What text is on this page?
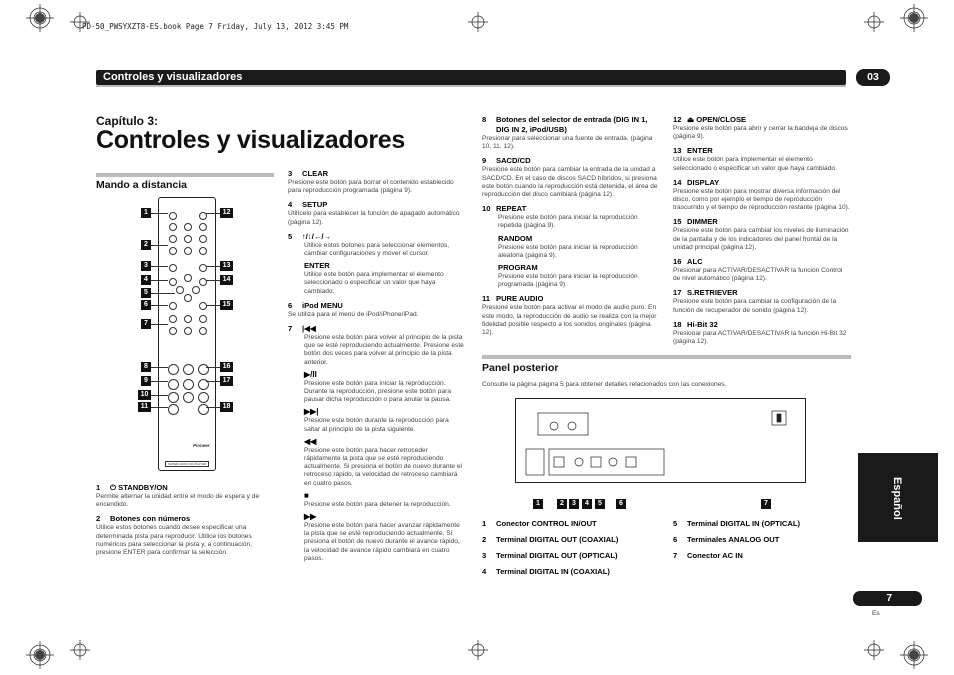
PD-50_PWSYXZT8-ES.book Page 7 Friday, July 13, 2012 3:45 PM
Controles y visualizadores	03
Capítulo 3:
Controles y visualizadores
Mando a distancia
Pioneer
SUPER AUDIO CD PLAYER
1
2
3
4
5
6
7
8
9
10
11
12
13
14
15
16
17
18
1 ⏻ STANDBY/ON
Permite alternar la unidad entre el modo de espera y de encendido.
2 Botones con números
Utilice estos botones cuando desee especificar una determinada pista para reproducir. Utilice los botones numéricos para seleccionar la pista y, a continuación, presione ENTER para confirmar la selección.
3 CLEAR
Presione este botón para borrar el contenido establecido para reproducción programada (página 9).
4 SETUP
Utilícelo para establecer la función de apagado automático (página 12).
5 ↑/↓/←/→
Utilice estos botones para seleccionar elementos, cambiar configuraciones y mover el cursor.
ENTER
Utilice este botón para implementar el elemento seleccionado o especificar un valor que haya cambiado.
6 iPod MENU
Se utiliza para el menú de iPod/iPhone/iPad.
7 |◀◀
Presione este botón para volver al principio de la pista que se esté reproduciendo actualmente. Presione este botón dos veces para volver al principio de la pista anterior.
▶/II
Presione este botón para iniciar la reproducción. Durante la reproducción, presione este botón para pausar dicha reproducción o para anular la pausa.
▶▶|
Presione este botón durante la reproducción para saltar al principio de la pista siguiente.
◀◀
Presione este botón para hacer retroceder rápidamente la pista que se esté reproduciendo actualmente. Si presiona el botón de nuevo durante el retroceso rápido, la velocidad de retroceso cambiará en cuatro pasos.
■
Presione este botón para detener la reproducción.
▶▶
Presione este botón para hacer avanzar rápidamente la pista que se esté reproduciendo actualmente. Si presiona el botón de nuevo durante el avance rápido, la velocidad de avance rápido cambiará en cuatro pasos.
8	Botones del selector de entrada (DIG IN 1, DIG IN 2, iPod/USB)
Presionar para seleccionar una fuente de entrada. (página 10, 11, 12).
9 SACD/CD
Presione este botón para cambiar la entrada de la unidad a SACD/CD. En el caso de discos SACD híbridos, si presiona este botón cuando la reproducción está detenida, el área de reproducción del disco cambiará (página 12).
10 REPEAT
Presione este botón para iniciar la reproducción repetida (página 9).
RANDOM
Presione este botón para iniciar la reproducción aleatoria (página 9).
PROGRAM
Presione este botón para iniciar la reproducción programada (página 9).
11 PURE AUDIO
Presione este botón para activar el modo de audio puro. En este modo, la reproducción de audio se realiza con la mejor fidelidad posible respecto a los sonidos originales (página 12).
12 ⏏ OPEN/CLOSE
Presione este botón para abrir y cerrar la bandeja de discos (página 9).
13 ENTER
Utilice este botón para implementar el elemento seleccionado o especificar un valor que haya cambiado.
14 DISPLAY
Presione este botón para mostrar diversa información del disco, como por ejemplo el tiempo de reproducción trascurrido y el tiempo de reproducción restante (página 10).
15 DIMMER
Presione este botón para cambiar los niveles de iluminación de la pantalla y de los indicadores del panel frontal de la unidad principal (página 12).
16 ALC
Presionar para ACTIVAR/DESACTIVAR la función Control de nivel automático (página 12).
17 S.RETRIEVER
Presione este botón para cambiar la configuración de la función de recuperador de sonido (página 12).
18 Hi-Bit 32
Presionar para ACTIVAR/DESACTIVAR la función Hi-Bit 32 (página 12).
Panel posterior
Consulte la página página 5 para obtener detalles relacionados con las conexiones.
1	2	3	4	5	6	7
1 Conector CONTROL IN/OUT
2 Terminal DIGITAL OUT (COAXIAL)
3 Terminal DIGITAL OUT (OPTICAL)
4 Terminal DIGITAL IN (COAXIAL)
5 Terminal DIGITAL IN (OPTICAL)
6 Terminales ANALOG OUT
7 Conector AC IN
Español
7
Es
